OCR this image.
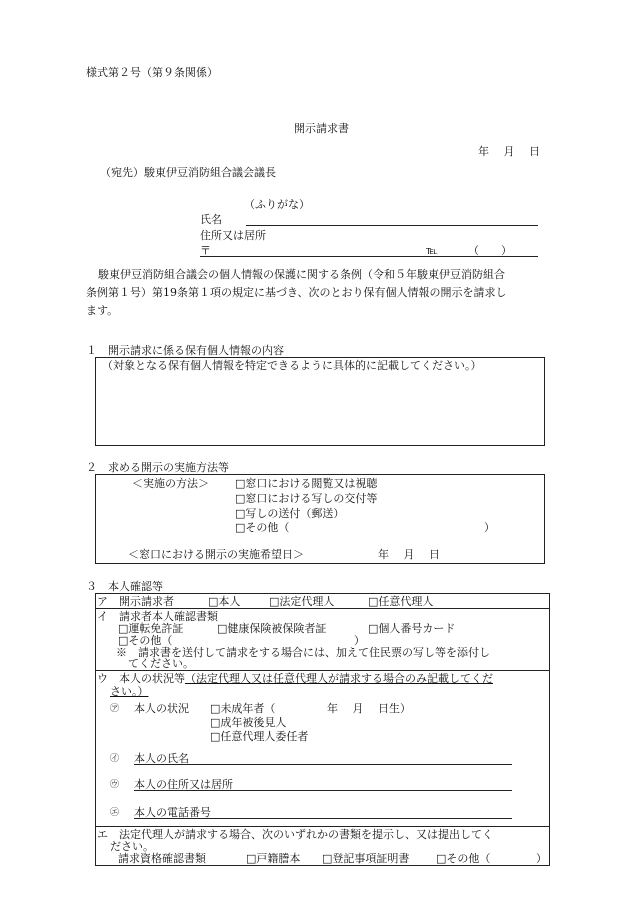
様式第２号（第９条関係）
開示請求書
年　 月　 日
（宛先）駿東伊豆消防組合議会議長
（ふりがな）
氏名
住所又は居所
〒	℡	（　　）
駿東伊豆消防組合議会の個人情報の保護に関する条例（令和５年駿東伊豆消防組合
条例第１号）第19条第１項の規定に基づき、次のとおり保有個人情報の開示を請求し
ます。
１　開示請求に係る保有個人情報の内容
（対象となる保有個人情報を特定できるように具体的に記載してください。）
２　求める開示の実施方法等
＜実施の方法＞ □窓口における閲覧又は視聴
□窓口における写しの交付等
□写しの送付（郵送）
□その他（	）
＜窓口における開示の実施希望日＞	年　 月　 日
３　本人確認等
ア　開示請求者	□本人	□法定代理人	□任意代理人
イ　請求者本人確認書類
□運転免許証	□健康保険被保険者証	□個人番号カード
□その他（	）
※　請求書を送付して請求をする場合には、加えて住民票の写し等を添付し
てください。
ウ　本人の状況等（法定代理人又は任意代理人が請求する場合のみ記載してくだ
さい。）
㋐ 本人の状況 □未成年者（	年　 月　 日生）
□成年被後見人
□任意代理人委任者
㋑ 本人の氏名
㋒ 本人の住所又は居所
㋓ 本人の電話番号
エ　法定代理人が請求する場合、次のいずれかの書類を提示し、又は提出してく
ださい。
請求資格確認書類	□戸籍謄本 □登記事項証明書 □その他（	）
